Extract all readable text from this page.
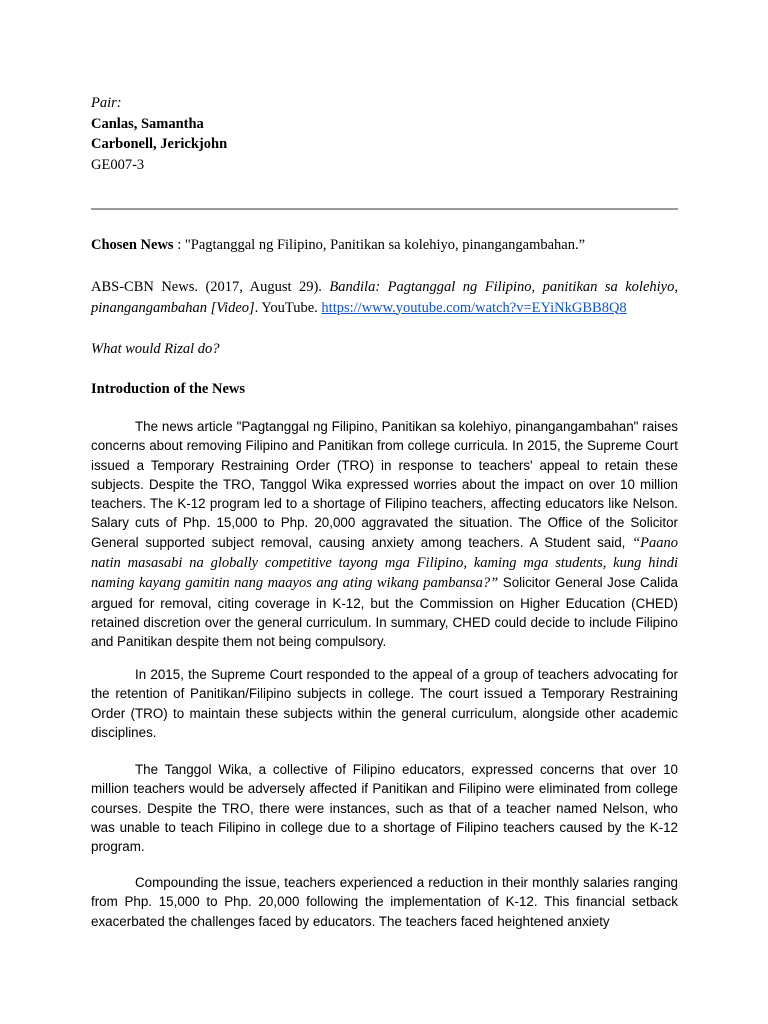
Pair:
Canlas, Samantha
Carbonell, Jerickjohn
GE007-3
Chosen News : "Pagtanggal ng Filipino, Panitikan sa kolehiyo, pinangangambahan.”
ABS-CBN News. (2017, August 29). Bandila: Pagtanggal ng Filipino, panitikan sa kolehiyo, pinangangambahan [Video]. YouTube. https://www.youtube.com/watch?v=EYiNkGBB8Q8
What would Rizal do?
Introduction of the News
The news article "Pagtanggal ng Filipino, Panitikan sa kolehiyo, pinangangambahan" raises concerns about removing Filipino and Panitikan from college curricula. In 2015, the Supreme Court issued a Temporary Restraining Order (TRO) in response to teachers' appeal to retain these subjects. Despite the TRO, Tanggol Wika expressed worries about the impact on over 10 million teachers. The K-12 program led to a shortage of Filipino teachers, affecting educators like Nelson. Salary cuts of Php. 15,000 to Php. 20,000 aggravated the situation. The Office of the Solicitor General supported subject removal, causing anxiety among teachers. A Student said, “Paano natin masasabi na globally competitive tayong mga Filipino, kaming mga students, kung hindi naming kayang gamitin nang maayos ang ating wikang pambansa?” Solicitor General Jose Calida argued for removal, citing coverage in K-12, but the Commission on Higher Education (CHED) retained discretion over the general curriculum. In summary, CHED could decide to include Filipino and Panitikan despite them not being compulsory.
In 2015, the Supreme Court responded to the appeal of a group of teachers advocating for the retention of Panitikan/Filipino subjects in college. The court issued a Temporary Restraining Order (TRO) to maintain these subjects within the general curriculum, alongside other academic disciplines.
The Tanggol Wika, a collective of Filipino educators, expressed concerns that over 10 million teachers would be adversely affected if Panitikan and Filipino were eliminated from college courses. Despite the TRO, there were instances, such as that of a teacher named Nelson, who was unable to teach Filipino in college due to a shortage of Filipino teachers caused by the K-12 program.
Compounding the issue, teachers experienced a reduction in their monthly salaries ranging from Php. 15,000 to Php. 20,000 following the implementation of K-12. This financial setback exacerbated the challenges faced by educators. The teachers faced heightened anxiety
